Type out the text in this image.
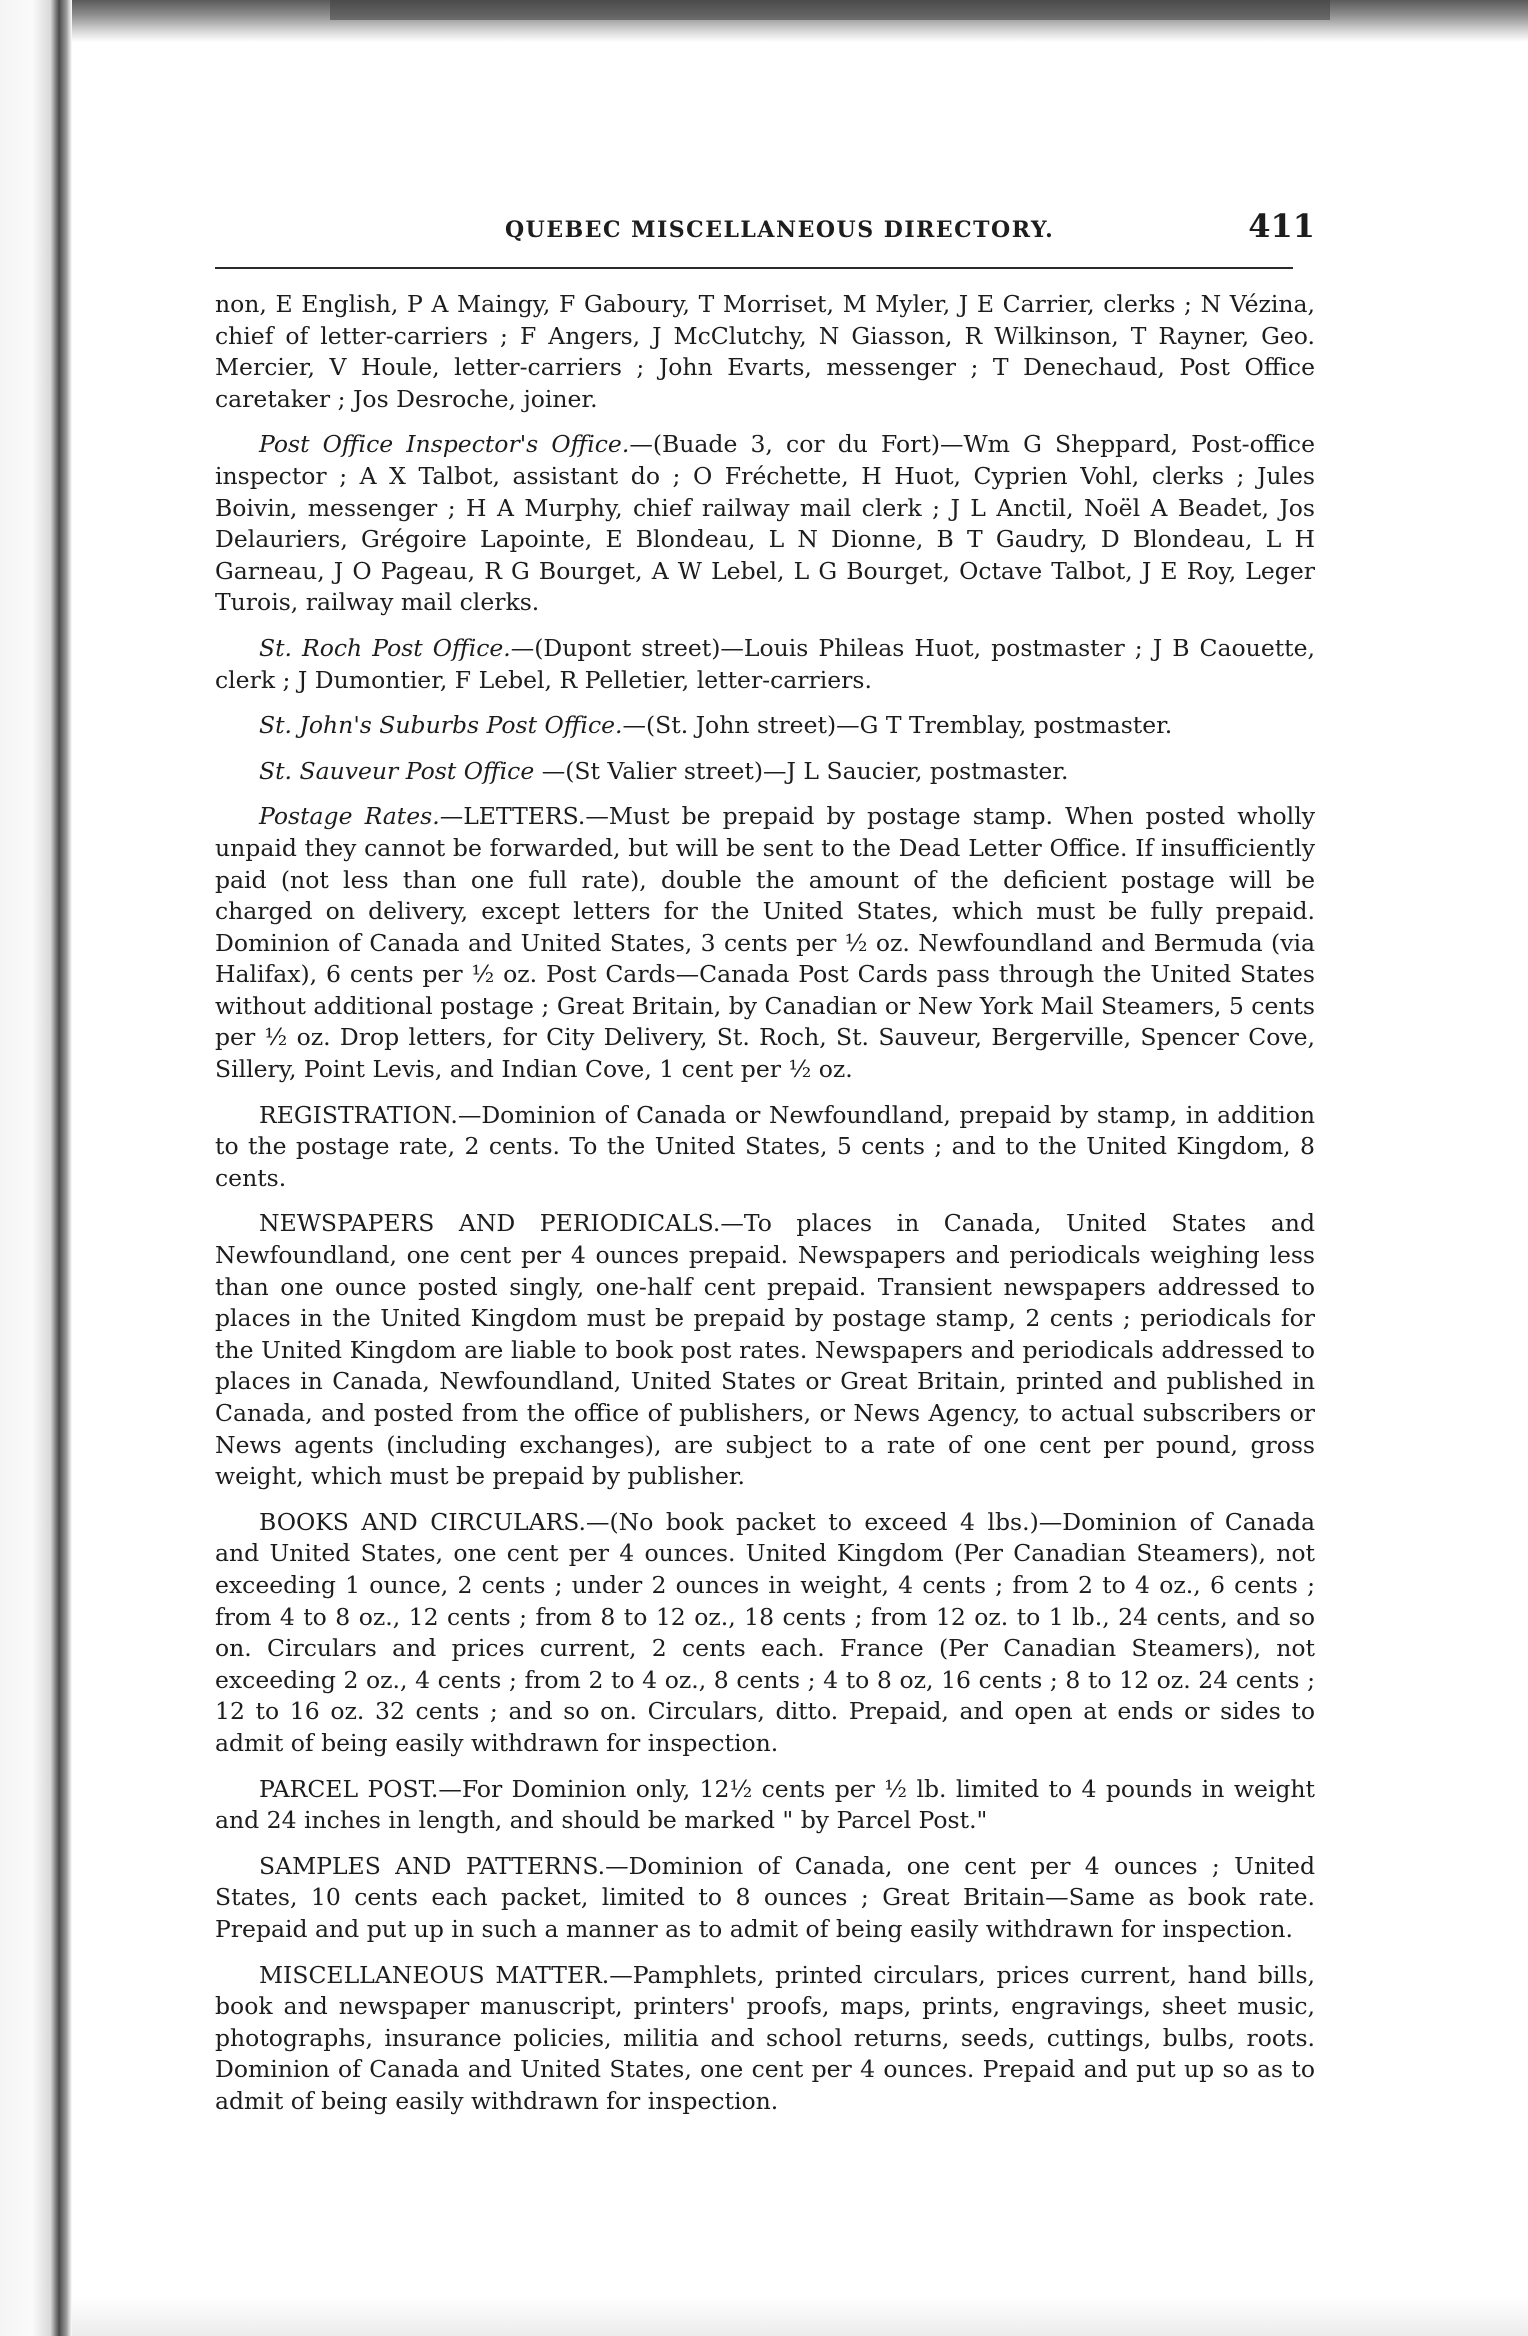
QUEBEC MISCELLANEOUS DIRECTORY.	411

non, E English, P A Maingy, F Gaboury, T Morriset, M Myler, J E Carrier, clerks ; N Vézina, chief of letter-carriers ; F Angers, J McClutchy, N Giasson, R Wilkinson, T Rayner, Geo. Mercier, V Houle, letter-carriers ; John Evarts, messenger ; T Denechaud, Post Office caretaker ; Jos Desroche, joiner.

Post Office Inspector's Office.—(Buade 3, cor du Fort)—Wm G Sheppard, Post-office inspector ; A X Talbot, assistant do ; O Fréchette, H Huot, Cyprien Vohl, clerks ; Jules Boivin, messenger ; H A Murphy, chief railway mail clerk ; J L Anctil, Noël A Beadet, Jos Delauriers, Grégoire Lapointe, E Blondeau, L N Dionne, B T Gaudry, D Blondeau, L H Garneau, J O Pageau, R G Bourget, A W Lebel, L G Bourget, Octave Talbot, J E Roy, Leger Turois, railway mail clerks.

St. Roch Post Office.—(Dupont street)—Louis Phileas Huot, postmaster ; J B Caouette, clerk ; J Dumontier, F Lebel, R Pelletier, letter-carriers.

St. John's Suburbs Post Office.—(St. John street)—G T Tremblay, postmaster.

St. Sauveur Post Office —(St Valier street)—J L Saucier, postmaster.

Postage Rates.—LETTERS.—Must be prepaid by postage stamp. When posted wholly unpaid they cannot be forwarded, but will be sent to the Dead Letter Office. If insufficiently paid (not less than one full rate), double the amount of the deficient postage will be charged on delivery, except letters for the United States, which must be fully prepaid. Dominion of Canada and United States, 3 cents per ½ oz. Newfoundland and Bermuda (via Halifax), 6 cents per ½ oz. Post Cards—Canada Post Cards pass through the United States without additional postage ; Great Britain, by Canadian or New York Mail Steamers, 5 cents per ½ oz. Drop letters, for City Delivery, St. Roch, St. Sauveur, Bergerville, Spencer Cove, Sillery, Point Levis, and Indian Cove, 1 cent per ½ oz.

REGISTRATION.—Dominion of Canada or Newfoundland, prepaid by stamp, in addition to the postage rate, 2 cents. To the United States, 5 cents ; and to the United Kingdom, 8 cents.

NEWSPAPERS AND PERIODICALS.—To places in Canada, United States and Newfoundland, one cent per 4 ounces prepaid. Newspapers and periodicals weighing less than one ounce posted singly, one-half cent prepaid. Transient newspapers addressed to places in the United Kingdom must be prepaid by postage stamp, 2 cents ; periodicals for the United Kingdom are liable to book post rates. Newspapers and periodicals addressed to places in Canada, Newfoundland, United States or Great Britain, printed and published in Canada, and posted from the office of publishers, or News Agency, to actual subscribers or News agents (including exchanges), are subject to a rate of one cent per pound, gross weight, which must be prepaid by publisher.

BOOKS AND CIRCULARS.—(No book packet to exceed 4 lbs.)—Dominion of Canada and United States, one cent per 4 ounces. United Kingdom (Per Canadian Steamers), not exceeding 1 ounce, 2 cents ; under 2 ounces in weight, 4 cents ; from 2 to 4 oz., 6 cents ; from 4 to 8 oz., 12 cents ; from 8 to 12 oz., 18 cents ; from 12 oz. to 1 lb., 24 cents, and so on. Circulars and prices current, 2 cents each. France (Per Canadian Steamers), not exceeding 2 oz., 4 cents ; from 2 to 4 oz., 8 cents ; 4 to 8 oz, 16 cents ; 8 to 12 oz. 24 cents ; 12 to 16 oz. 32 cents ; and so on. Circulars, ditto. Prepaid, and open at ends or sides to admit of being easily withdrawn for inspection.

PARCEL POST.—For Dominion only, 12½ cents per ½ lb. limited to 4 pounds in weight and 24 inches in length, and should be marked " by Parcel Post."

SAMPLES AND PATTERNS.—Dominion of Canada, one cent per 4 ounces ; United States, 10 cents each packet, limited to 8 ounces ; Great Britain—Same as book rate. Prepaid and put up in such a manner as to admit of being easily withdrawn for inspection.

MISCELLANEOUS MATTER.—Pamphlets, printed circulars, prices current, hand bills, book and newspaper manuscript, printers' proofs, maps, prints, engravings, sheet music, photographs, insurance policies, militia and school returns, seeds, cuttings, bulbs, roots. Dominion of Canada and United States, one cent per 4 ounces. Prepaid and put up so as to admit of being easily withdrawn for inspection.
